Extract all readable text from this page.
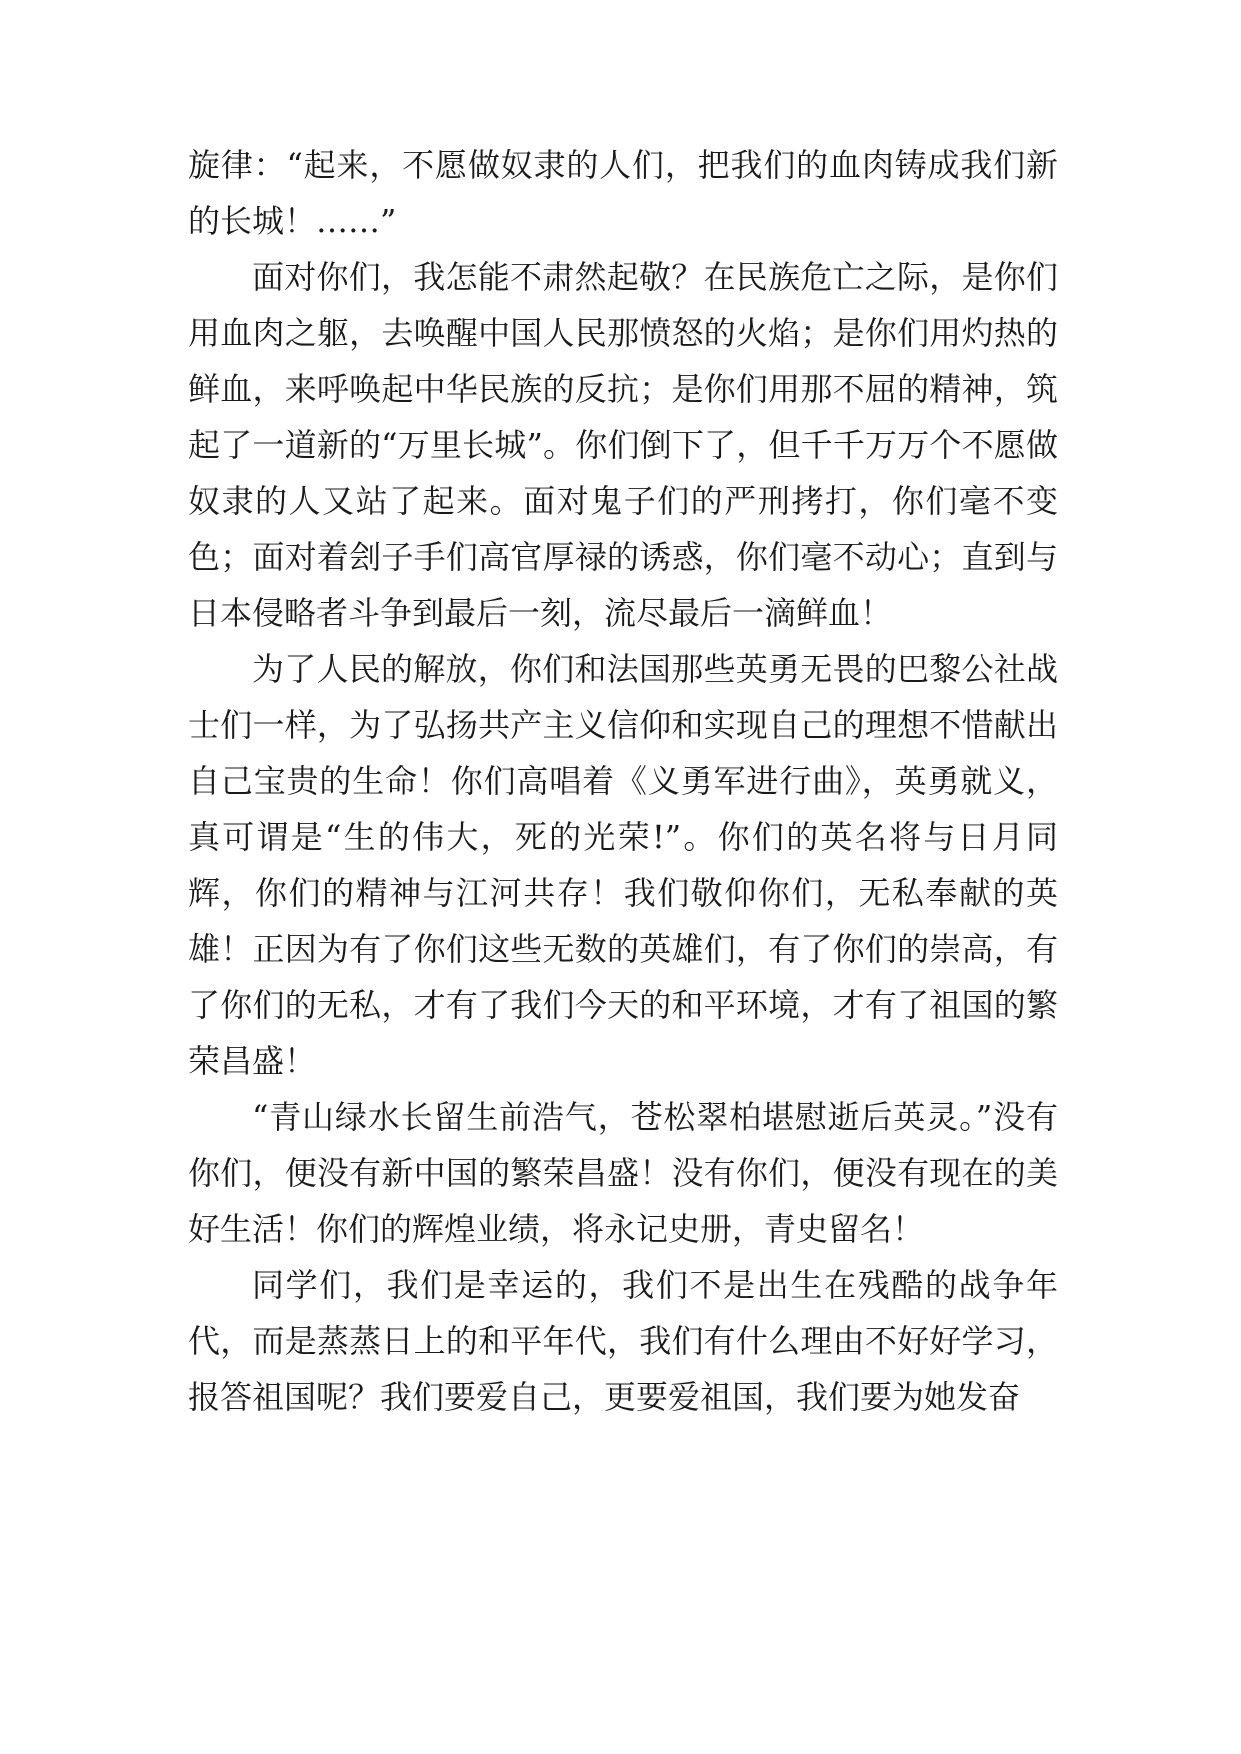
旋律：“起来，不愿做奴隶的人们，把我们的血肉铸成我们新的长城！……”

面对你们，我怎能不肃然起敬？在民族危亡之际，是你们用血肉之躯，去唤醒中国人民那愤怒的火焰；是你们用灼热的鲜血，来呼唤起中华民族的反抗；是你们用那不屈的精神，筑起了一道新的“万里长城”。你们倒下了，但千千万万个不愿做奴隶的人又站了起来。面对鬼子们的严刑拷打，你们毫不变色；面对着刽子手们高官厚禄的诱惑，你们毫不动心；直到与日本侵略者斗争到最后一刻，流尽最后一滴鲜血！

为了人民的解放，你们和法国那些英勇无畏的巴黎公社战士们一样，为了弘扬共产主义信仰和实现自己的理想不惜献出自己宝贵的生命！你们高唱着《义勇军进行曲》，英勇就义，真可谓是“生的伟大，死的光荣!”。你们的英名将与日月同辉，你们的精神与江河共存！我们敬仰你们，无私奉献的英雄！正因为有了你们这些无数的英雄们，有了你们的崇高，有了你们的无私，才有了我们今天的和平环境，才有了祖国的繁荣昌盛！

“青山绿水长留生前浩气，苍松翠柏堪慰逝后英灵。”没有你们，便没有新中国的繁荣昌盛！没有你们，便没有现在的美好生活！你们的辉煌业绩，将永记史册，青史留名！

同学们，我们是幸运的，我们不是出生在残酷的战争年代，而是蒸蒸日上的和平年代，我们有什么理由不好好学习，报答祖国呢？我们要爱自己，更要爱祖国，我们要为她发奋
